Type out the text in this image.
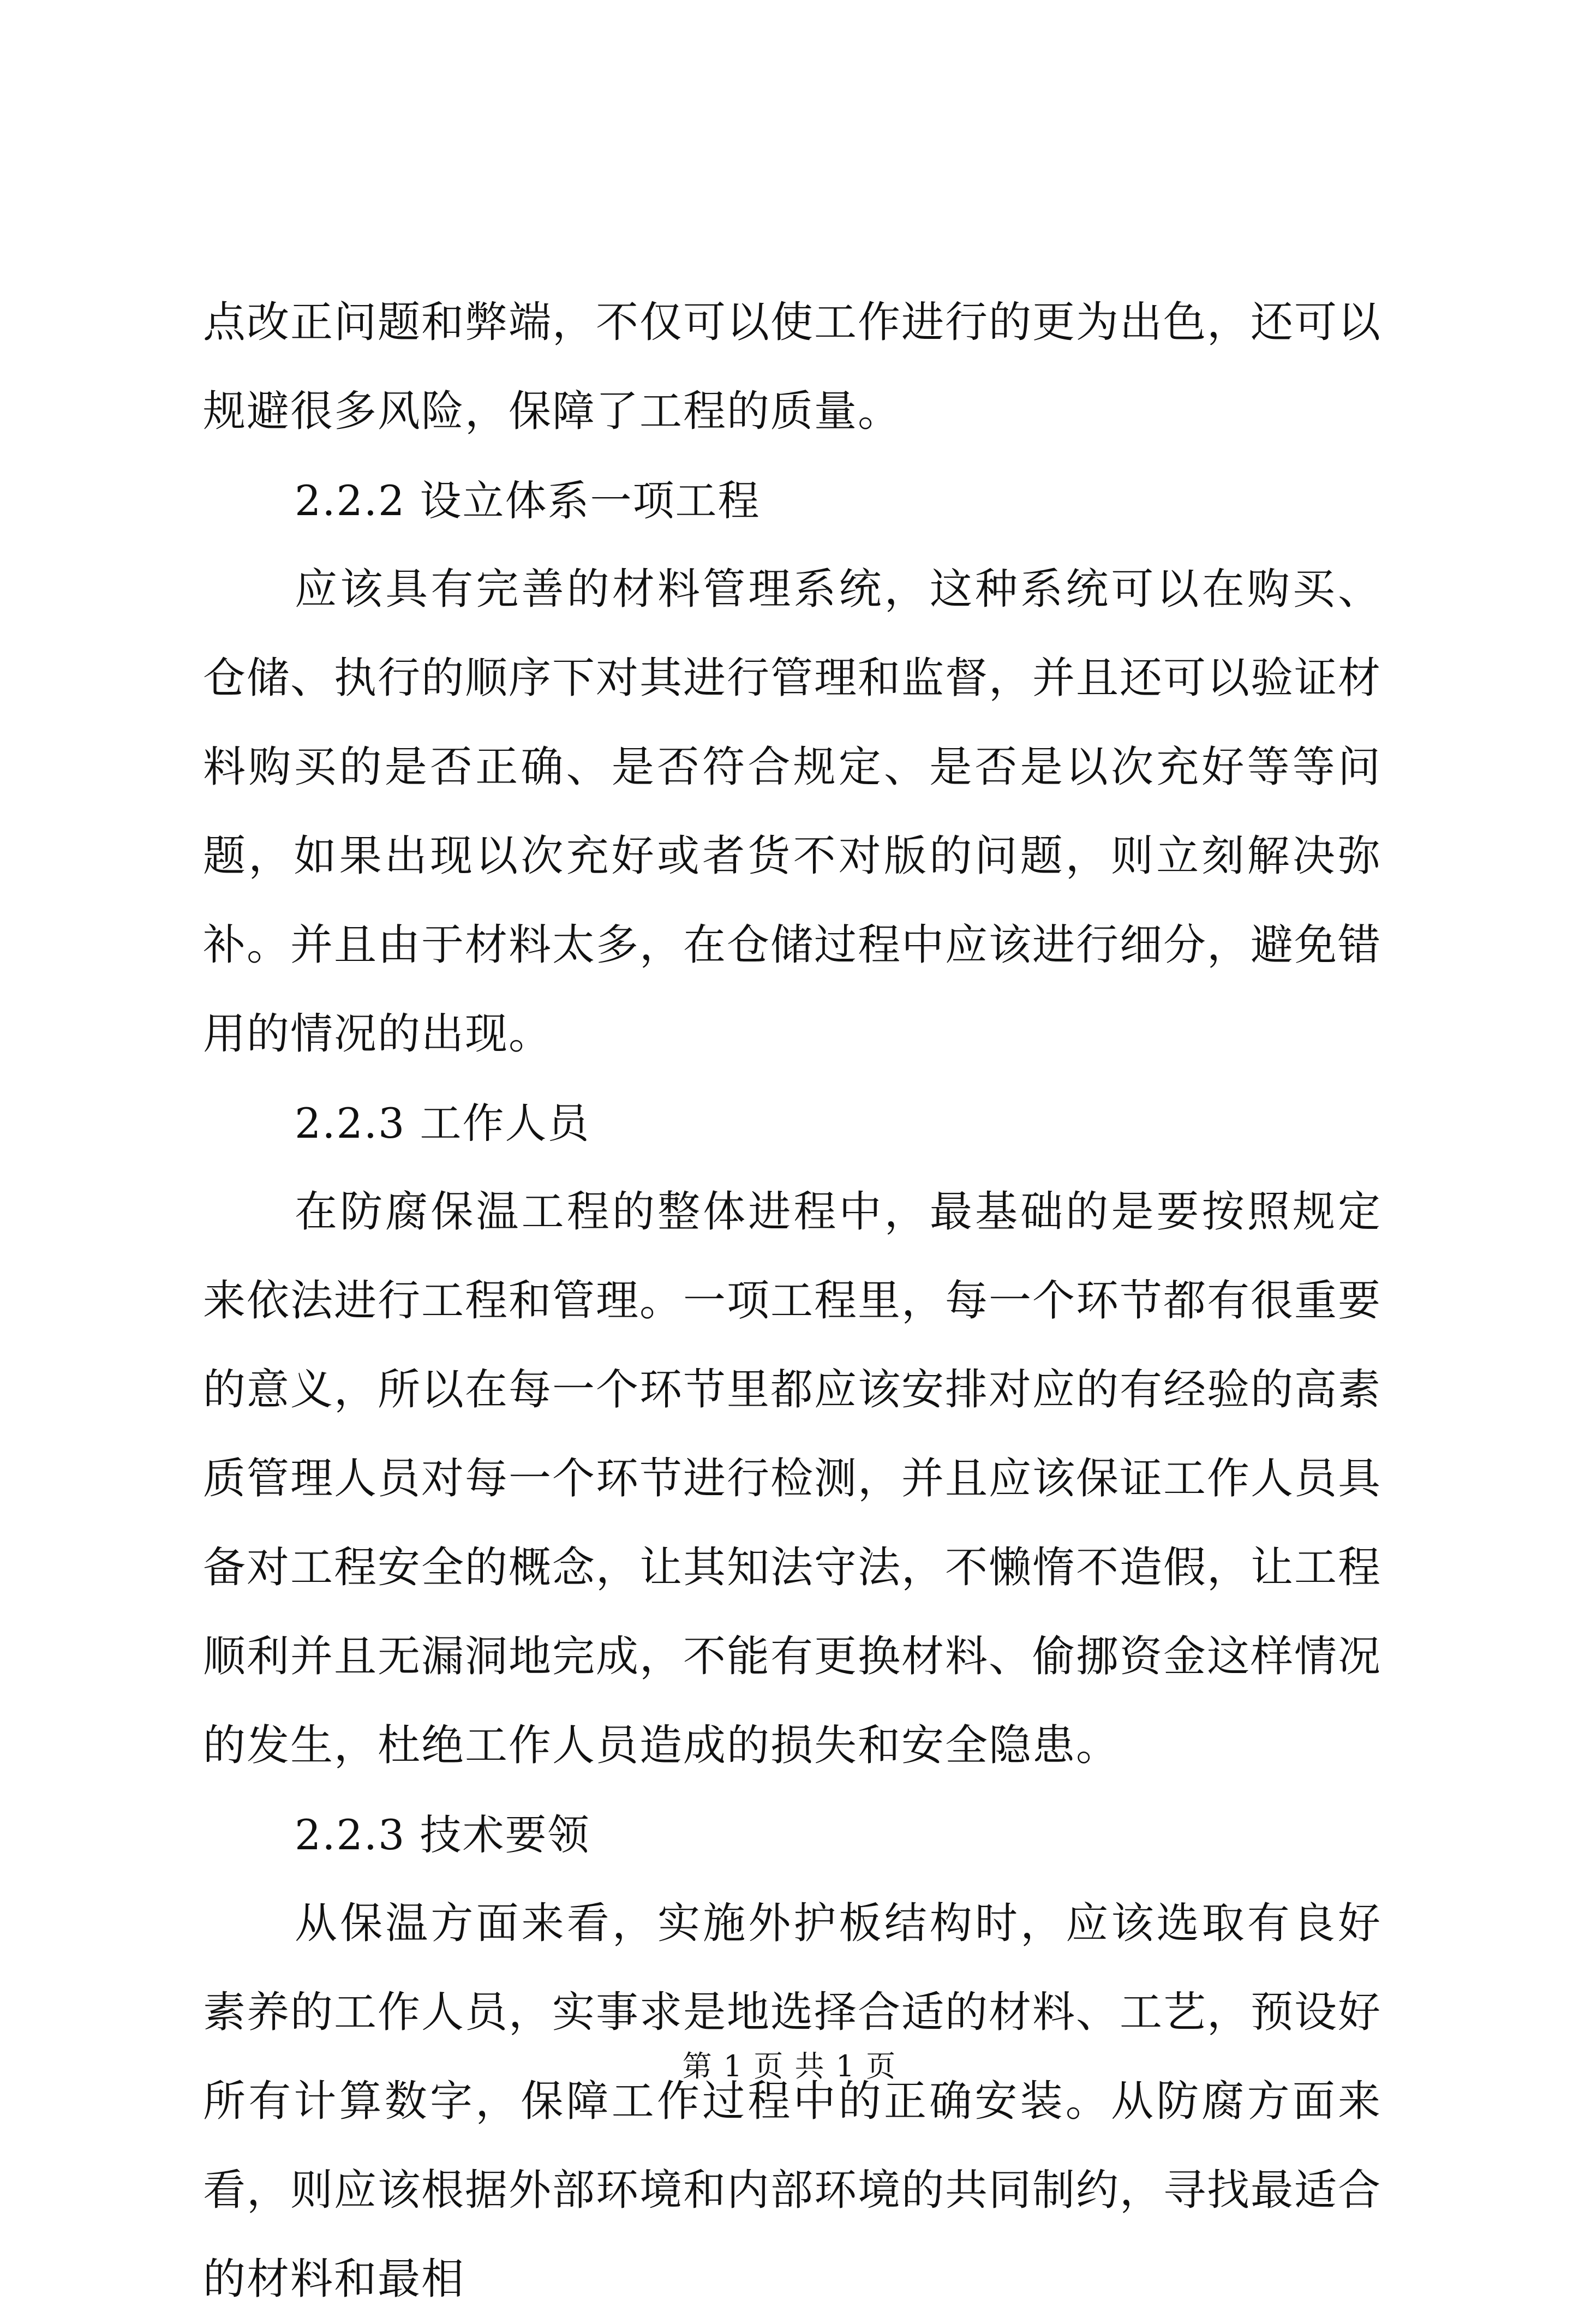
点改正问题和弊端，不仅可以使工作进行的更为出色，还可以规避很多风险，保障了工程的质量。

2.2.2 设立体系一项工程

应该具有完善的材料管理系统，这种系统可以在购买、仓储、执行的顺序下对其进行管理和监督，并且还可以验证材料购买的是否正确、是否符合规定、是否是以次充好等等问题，如果出现以次充好或者货不对版的问题，则立刻解决弥补。并且由于材料太多，在仓储过程中应该进行细分，避免错用的情况的出现。

2.2.3 工作人员

在防腐保温工程的整体进程中，最基础的是要按照规定来依法进行工程和管理。一项工程里，每一个环节都有很重要的意义，所以在每一个环节里都应该安排对应的有经验的高素质管理人员对每一个环节进行检测，并且应该保证工作人员具备对工程安全的概念，让其知法守法，不懒惰不造假，让工程顺利并且无漏洞地完成，不能有更换材料、偷挪资金这样情况的发生，杜绝工作人员造成的损失和安全隐患。

2.2.3 技术要领

从保温方面来看，实施外护板结构时，应该选取有良好素养的工作人员，实事求是地选择合适的材料、工艺，预设好所有计算数字，保障工作过程中的正确安装。从防腐方面来看，则应该根据外部环境和内部环境的共同制约，寻找最适合的材料和最相

第 1 页 共 1 页
